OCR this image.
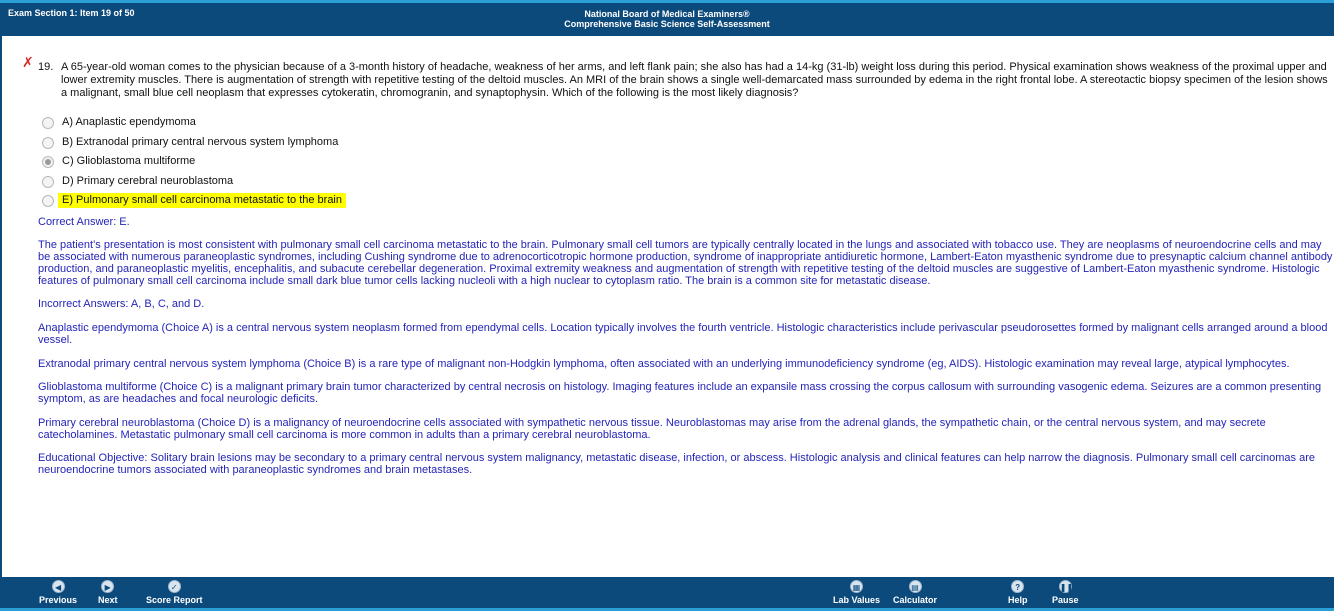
Exam Section 1: Item 19 of 50	National Board of Medical Examiners®
Comprehensive Basic Science Self-Assessment
✗ 19. A 65-year-old woman comes to the physician because of a 3-month history of headache, weakness of her arms, and left flank pain; she also has had a 14-kg (31-lb) weight loss during this period. Physical examination shows weakness of the proximal upper and lower extremity muscles. There is augmentation of strength with repetitive testing of the deltoid muscles. An MRI of the brain shows a single well-demarcated mass surrounded by edema in the right frontal lobe. A stereotactic biopsy specimen of the lesion shows a malignant, small blue cell neoplasm that expresses cytokeratin, chromogranin, and synaptophysin. Which of the following is the most likely diagnosis?
A) Anaplastic ependymoma
B) Extranodal primary central nervous system lymphoma
C) Glioblastoma multiforme
D) Primary cerebral neuroblastoma
E) Pulmonary small cell carcinoma metastatic to the brain
Correct Answer: E.
The patient’s presentation is most consistent with pulmonary small cell carcinoma metastatic to the brain. Pulmonary small cell tumors are typically centrally located in the lungs and associated with tobacco use. They are neoplasms of neuroendocrine cells and may be associated with numerous paraneoplastic syndromes, including Cushing syndrome due to adrenocorticotropic hormone production, syndrome of inappropriate antidiuretic hormone, Lambert-Eaton myasthenic syndrome due to presynaptic calcium channel antibody production, and paraneoplastic myelitis, encephalitis, and subacute cerebellar degeneration. Proximal extremity weakness and augmentation of strength with repetitive testing of the deltoid muscles are suggestive of Lambert-Eaton myasthenic syndrome. Histologic features of pulmonary small cell carcinoma include small dark blue tumor cells lacking nucleoli with a high nuclear to cytoplasm ratio. The brain is a common site for metastatic disease.
Incorrect Answers: A, B, C, and D.
Anaplastic ependymoma (Choice A) is a central nervous system neoplasm formed from ependymal cells. Location typically involves the fourth ventricle. Histologic characteristics include perivascular pseudorosettes formed by malignant cells arranged around a blood vessel.
Extranodal primary central nervous system lymphoma (Choice B) is a rare type of malignant non-Hodgkin lymphoma, often associated with an underlying immunodeficiency syndrome (eg, AIDS). Histologic examination may reveal large, atypical lymphocytes.
Glioblastoma multiforme (Choice C) is a malignant primary brain tumor characterized by central necrosis on histology. Imaging features include an expansile mass crossing the corpus callosum with surrounding vasogenic edema. Seizures are a common presenting symptom, as are headaches and focal neurologic deficits.
Primary cerebral neuroblastoma (Choice D) is a malignancy of neuroendocrine cells associated with sympathetic nervous tissue. Neuroblastomas may arise from the adrenal glands, the sympathetic chain, or the central nervous system, and may secrete catecholamines. Metastatic pulmonary small cell carcinoma is more common in adults than a primary cerebral neuroblastoma.
Educational Objective: Solitary brain lesions may be secondary to a primary central nervous system malignancy, metastatic disease, infection, or abscess. Histologic analysis and clinical features can help narrow the diagnosis. Pulmonary small cell carcinomas are neuroendocrine tumors associated with paraneoplastic syndromes and brain metastases.
◀
Previous
▶
Next
✓
Score Report
▦
Lab Values
▤
Calculator
?
Help
❚❚
Pause
